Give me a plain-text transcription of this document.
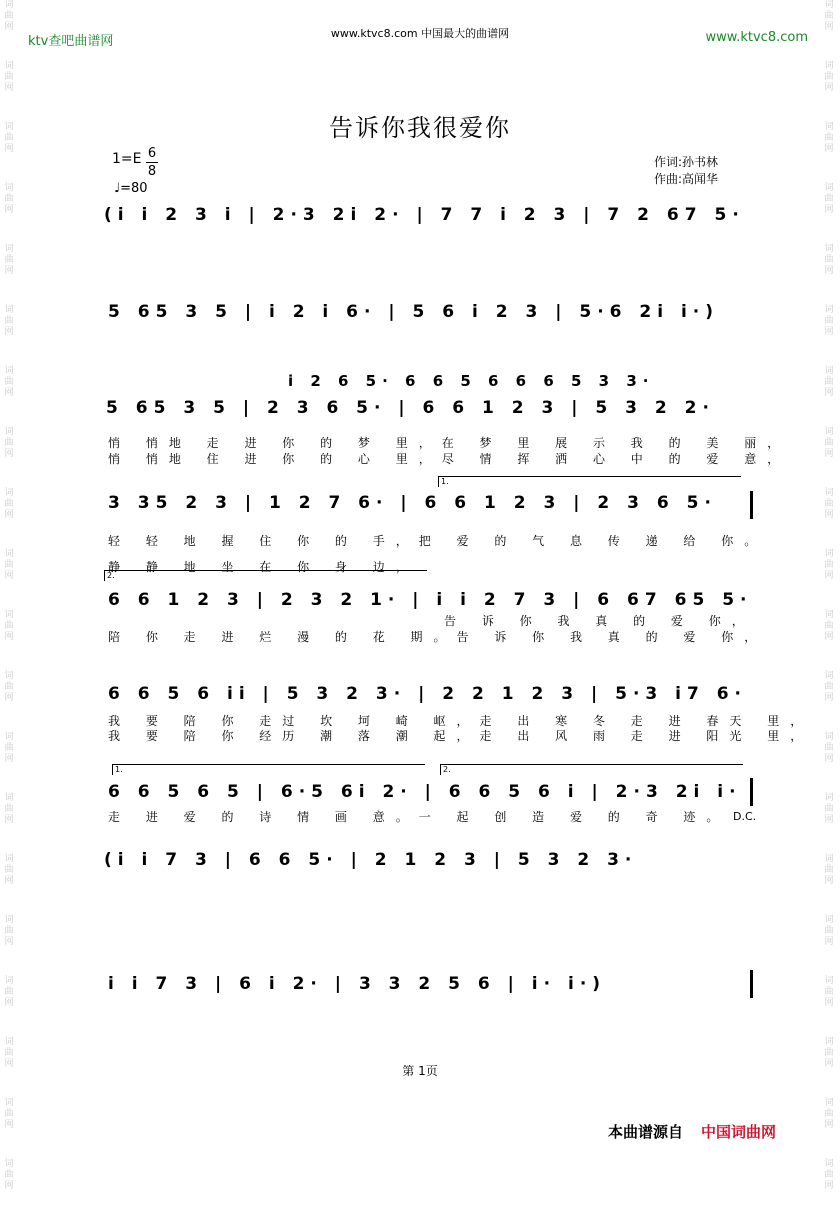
词曲网
词曲网
词曲网
词曲网
词曲网
词曲网
词曲网
词曲网
词曲网
词曲网
词曲网
词曲网
词曲网
词曲网
词曲网
词曲网
词曲网
词曲网
词曲网
词曲网
词曲网
词曲网
词曲网
词曲网
词曲网
词曲网
词曲网
词曲网
词曲网
词曲网
词曲网
词曲网
词曲网
词曲网
词曲网
词曲网
词曲网
词曲网
词曲网
词曲网
ktv查吧曲谱网
www.ktvc8.com 中国最大的曲谱网	www.ktvc8.com
告诉你我很爱你
1=E 6
8
♩=80
作词:孙书林
作曲:高闻华
(i i 2 3 i | 2·3 2i 2· | 7 7 i 2 3 | 7 2 67 5·
5 65 3 5 | i 2 i 6· | 5 6 i 2 3 | 5·6 2i i·)
i 2 6 5· 6 6 5 6 6 6 5 3 3·
5 65 3 5 | 2 3 6 5· | 6 6 1 2 3 | 5 3 2 2·
悄 悄地 走 进 你 的 梦 里，在 梦 里 展 示 我 的 美 丽，
悄 悄地 住 进 你 的 心 里，尽 情 挥 洒 心 中 的 爱 意，
1.
3 35 2 3 | 1 2 7 6· | 6 6 1 2 3 | 2 3 6 5·
轻 轻 地 握 住 你 的 手，把 爱 的 气 息 传 递 给 你。
静 静 地 坐 在 你 身 边，
2.
6 6 1 2 3 | 2 3 2 1· | i i 2 7 3 | 6 67 65 5·
陪 你 走 进 烂 漫 的 花 期。告 诉 你 我 真 的 爱 你，
告 诉 你 我 真 的 爱 你，
6 6 5 6 ii | 5 3 2 3· | 2 2 1 2 3 | 5·3 i7 6·
我 要 陪 你 走过 坎 坷 崎 岖，走 出 寒 冬 走 进 春天 里，
我 要 陪 你 经历 潮 落 潮 起，走 出 风 雨 走 进 阳光 里，
1.	2.
6 6 5 6 5 | 6·5 6i 2· | 6 6 5 6 i | 2·3 2i i·
走 进 爱 的 诗 情 画 意。一 起 创 造 爱 的 奇 迹。 D.C.
(i i 7 3 | 6 6 5· | 2 1 2 3 | 5 3 2 3·
i i 7 3 | 6 i 2· | 3 3 2 5 6 | i· i·)
第 1页
本曲谱源自 中国词曲网
